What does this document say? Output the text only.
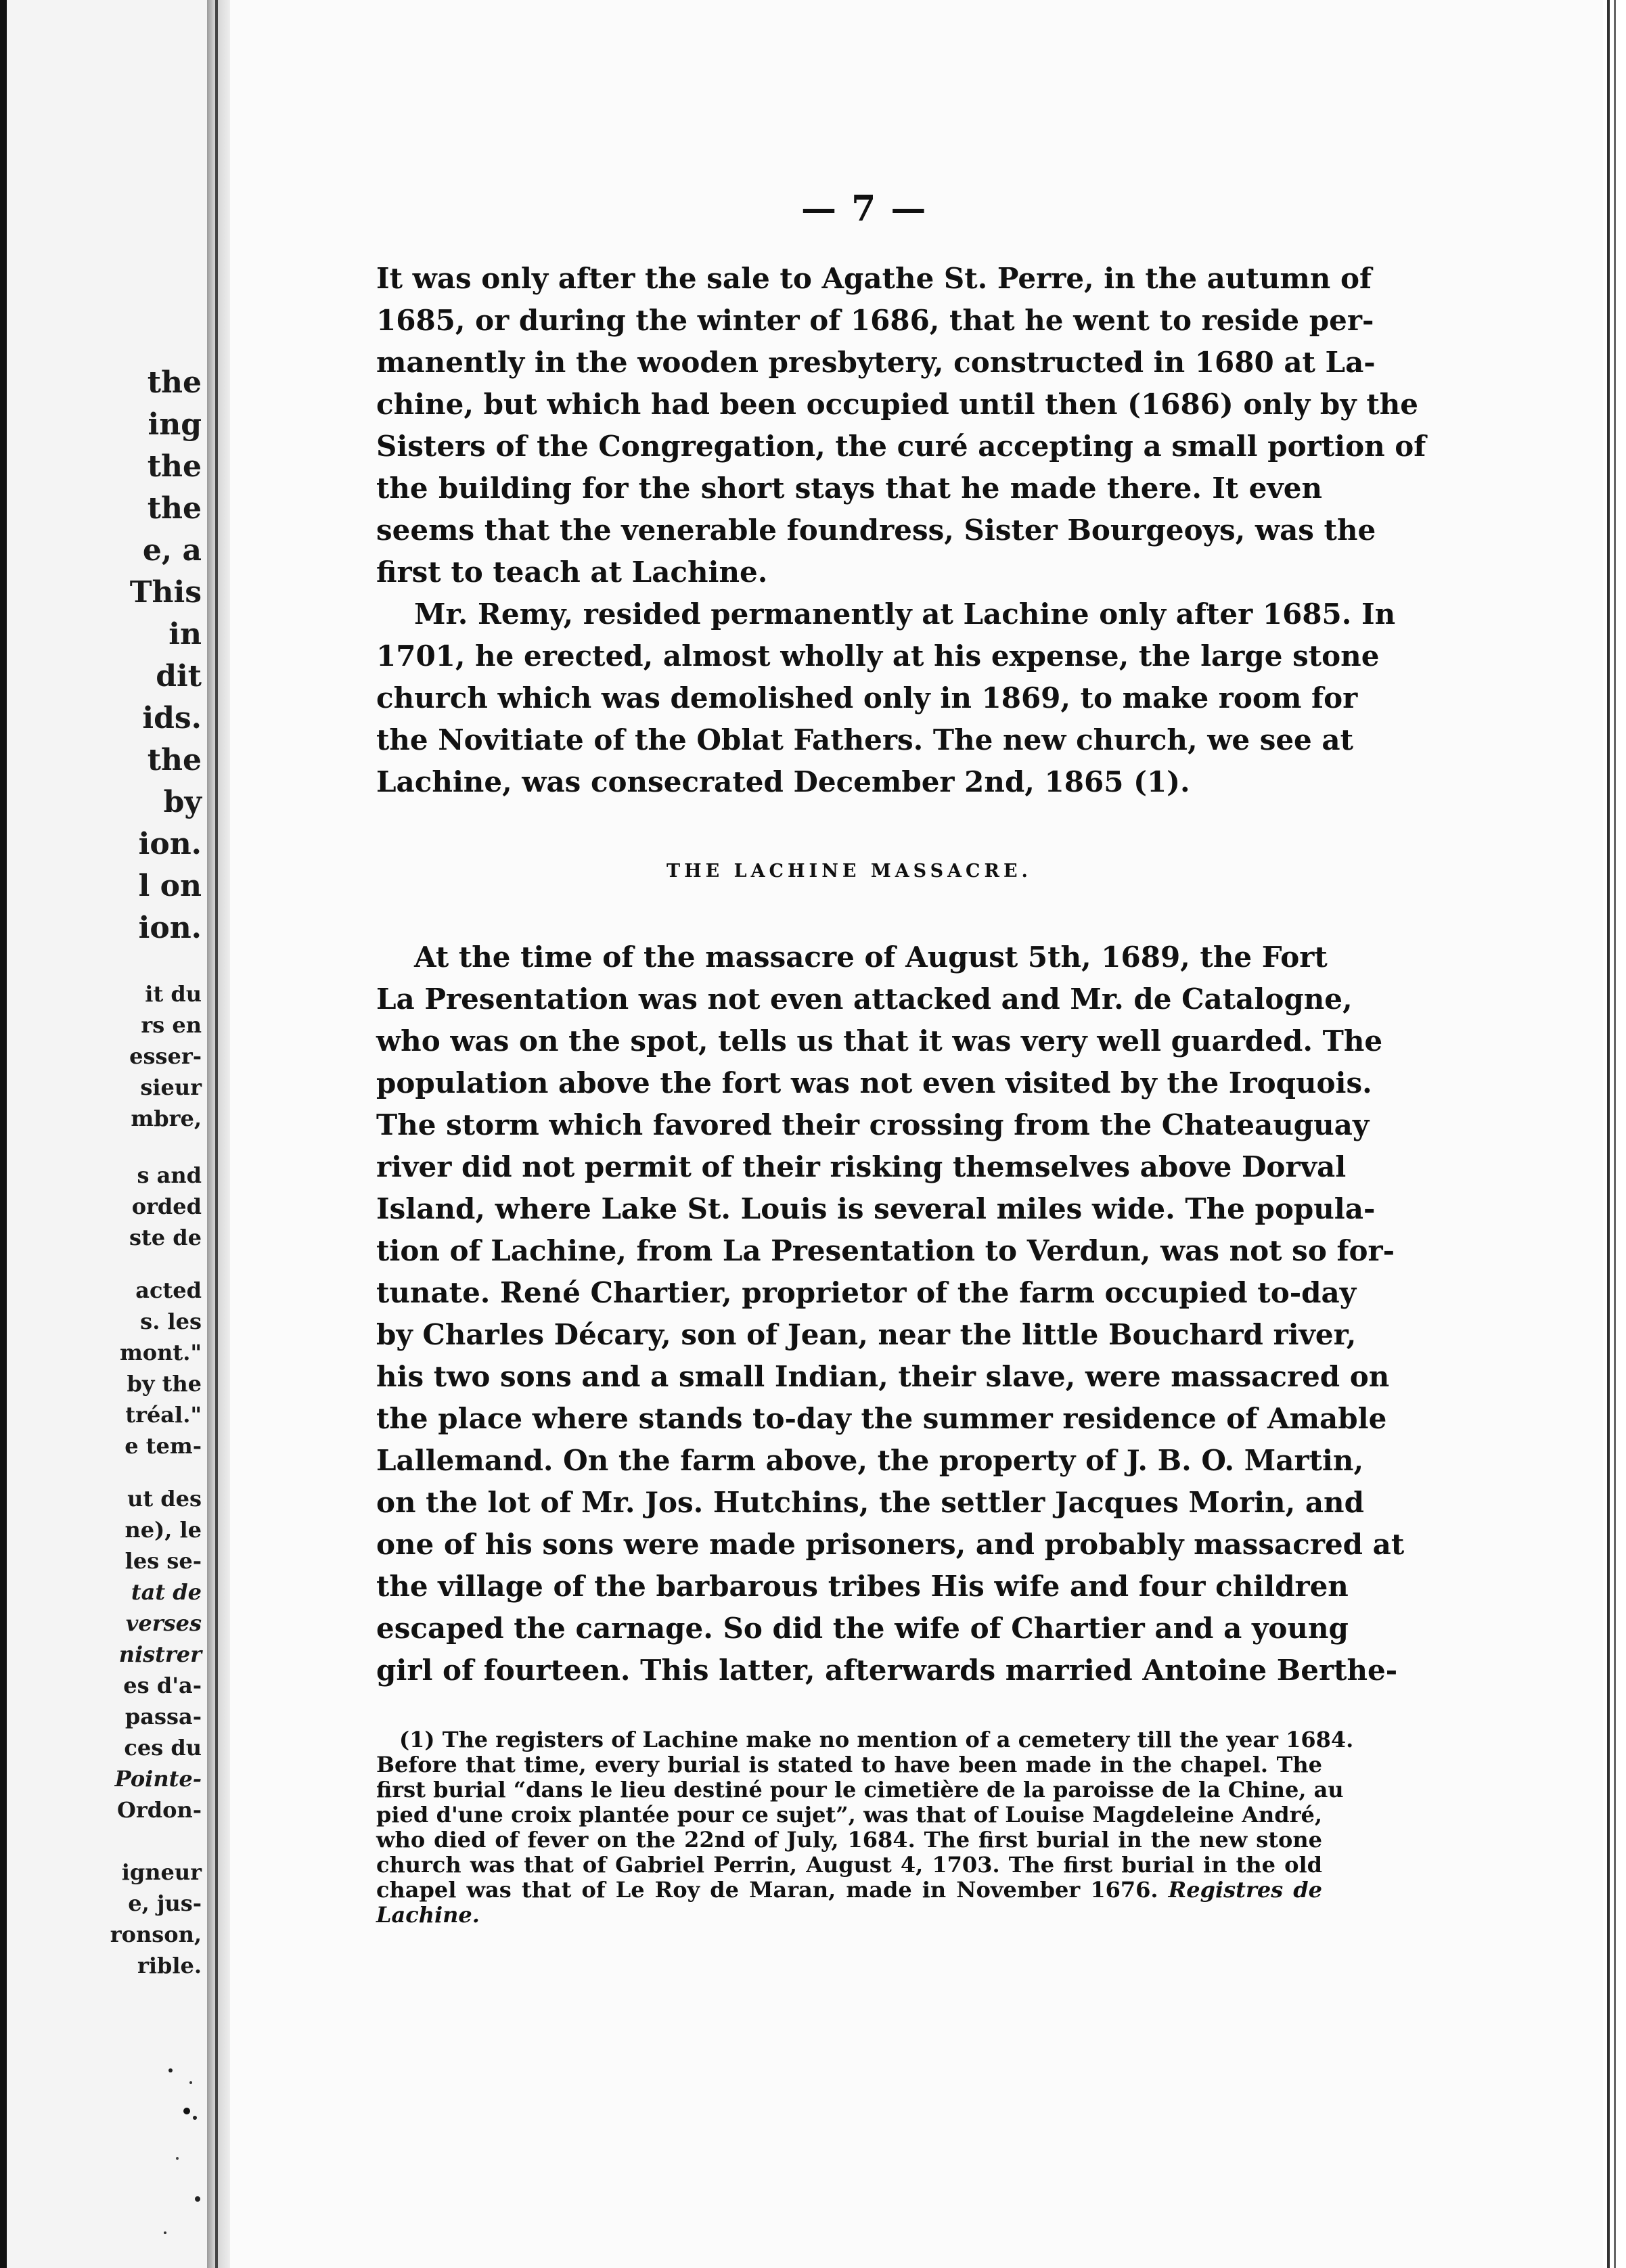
the
ing
the
the
e, a
This
in
dit
ids.
the
by
ion.
l on
ion.
it du
rs en
esser-
sieur
mbre,
s and
orded
ste de
acted
s. les
mont."
by the
tréal."
e tem-
ut des
ne), le
les se-
tat de
verses
nistrer
es d'a-
passa-
ces du
Pointe-
Ordon-
igneur
e, jus-
ronson,
rible.
— 7 —

It was only after the sale to Agathe St. Perre, in the autumn of
1685, or during the winter of 1686, that he went to reside per-
manently in the wooden presbytery, constructed in 1680 at La-
chine, but which had been occupied until then (1686) only by the
Sisters of the Congregation, the curé accepting a small portion of
the building for the short stays that he made there. It even
seems that the venerable foundress, Sister Bourgeoys, was the
first to teach at Lachine.

Mr. Remy, resided permanently at Lachine only after 1685. In
1701, he erected, almost wholly at his expense, the large stone
church which was demolished only in 1869, to make room for
the Novitiate of the Oblat Fathers. The new church, we see at
Lachine, was consecrated December 2nd, 1865 (1).

THE LACHINE MASSACRE.

At the time of the massacre of August 5th, 1689, the Fort
La Presentation was not even attacked and Mr. de Catalogne,
who was on the spot, tells us that it was very well guarded. The
population above the fort was not even visited by the Iroquois.
The storm which favored their crossing from the Chateauguay
river did not permit of their risking themselves above Dorval
Island, where Lake St. Louis is several miles wide. The popula-
tion of Lachine, from La Presentation to Verdun, was not so for-
tunate. René Chartier, proprietor of the farm occupied to-day
by Charles Décary, son of Jean, near the little Bouchard river,
his two sons and a small Indian, their slave, were massacred on
the place where stands to-day the summer residence of Amable
Lallemand. On the farm above, the property of J. B. O. Martin,
on the lot of Mr. Jos. Hutchins, the settler Jacques Morin, and
one of his sons were made prisoners, and probably massacred at
the village of the barbarous tribes His wife and four children
escaped the carnage. So did the wife of Chartier and a young
girl of fourteen. This latter, afterwards married Antoine Berthe-

(1) The registers of Lachine make no mention of a cemetery till the year 1684.
Before that time, every burial is stated to have been made in the chapel. The
first burial “dans le lieu destiné pour le cimetière de la paroisse de la Chine, au
pied d'une croix plantée pour ce sujet”, was that of Louise Magdeleine André,
who died of fever on the 22nd of July, 1684. The first burial in the new stone
church was that of Gabriel Perrin, August 4, 1703. The first burial in the old
chapel was that of Le Roy de Maran, made in November 1676. Registres de
Lachine.
